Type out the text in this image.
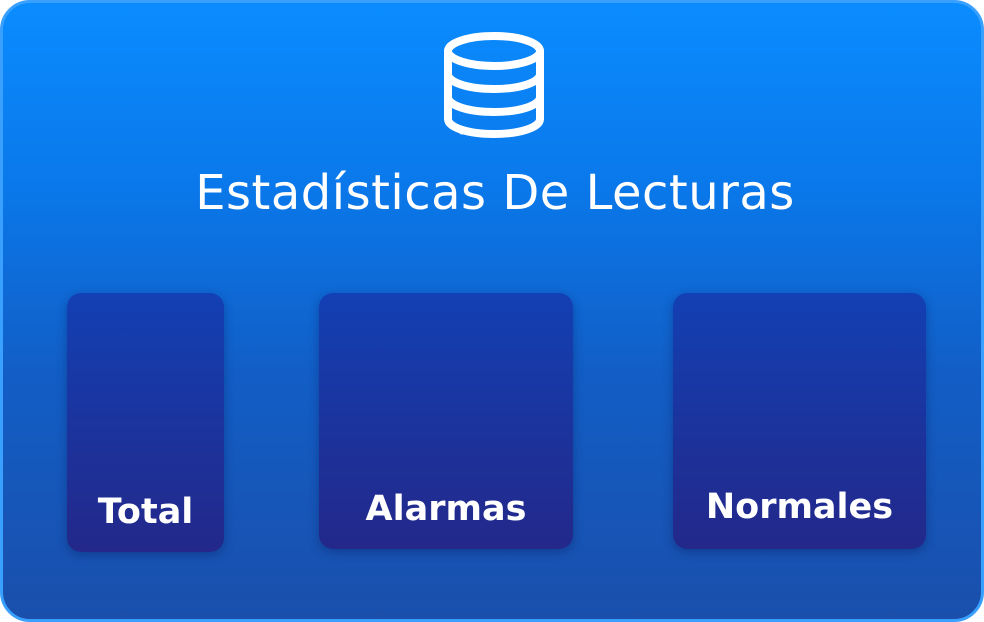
Estadísticas De Lecturas
Total	Alarmas	Normales
